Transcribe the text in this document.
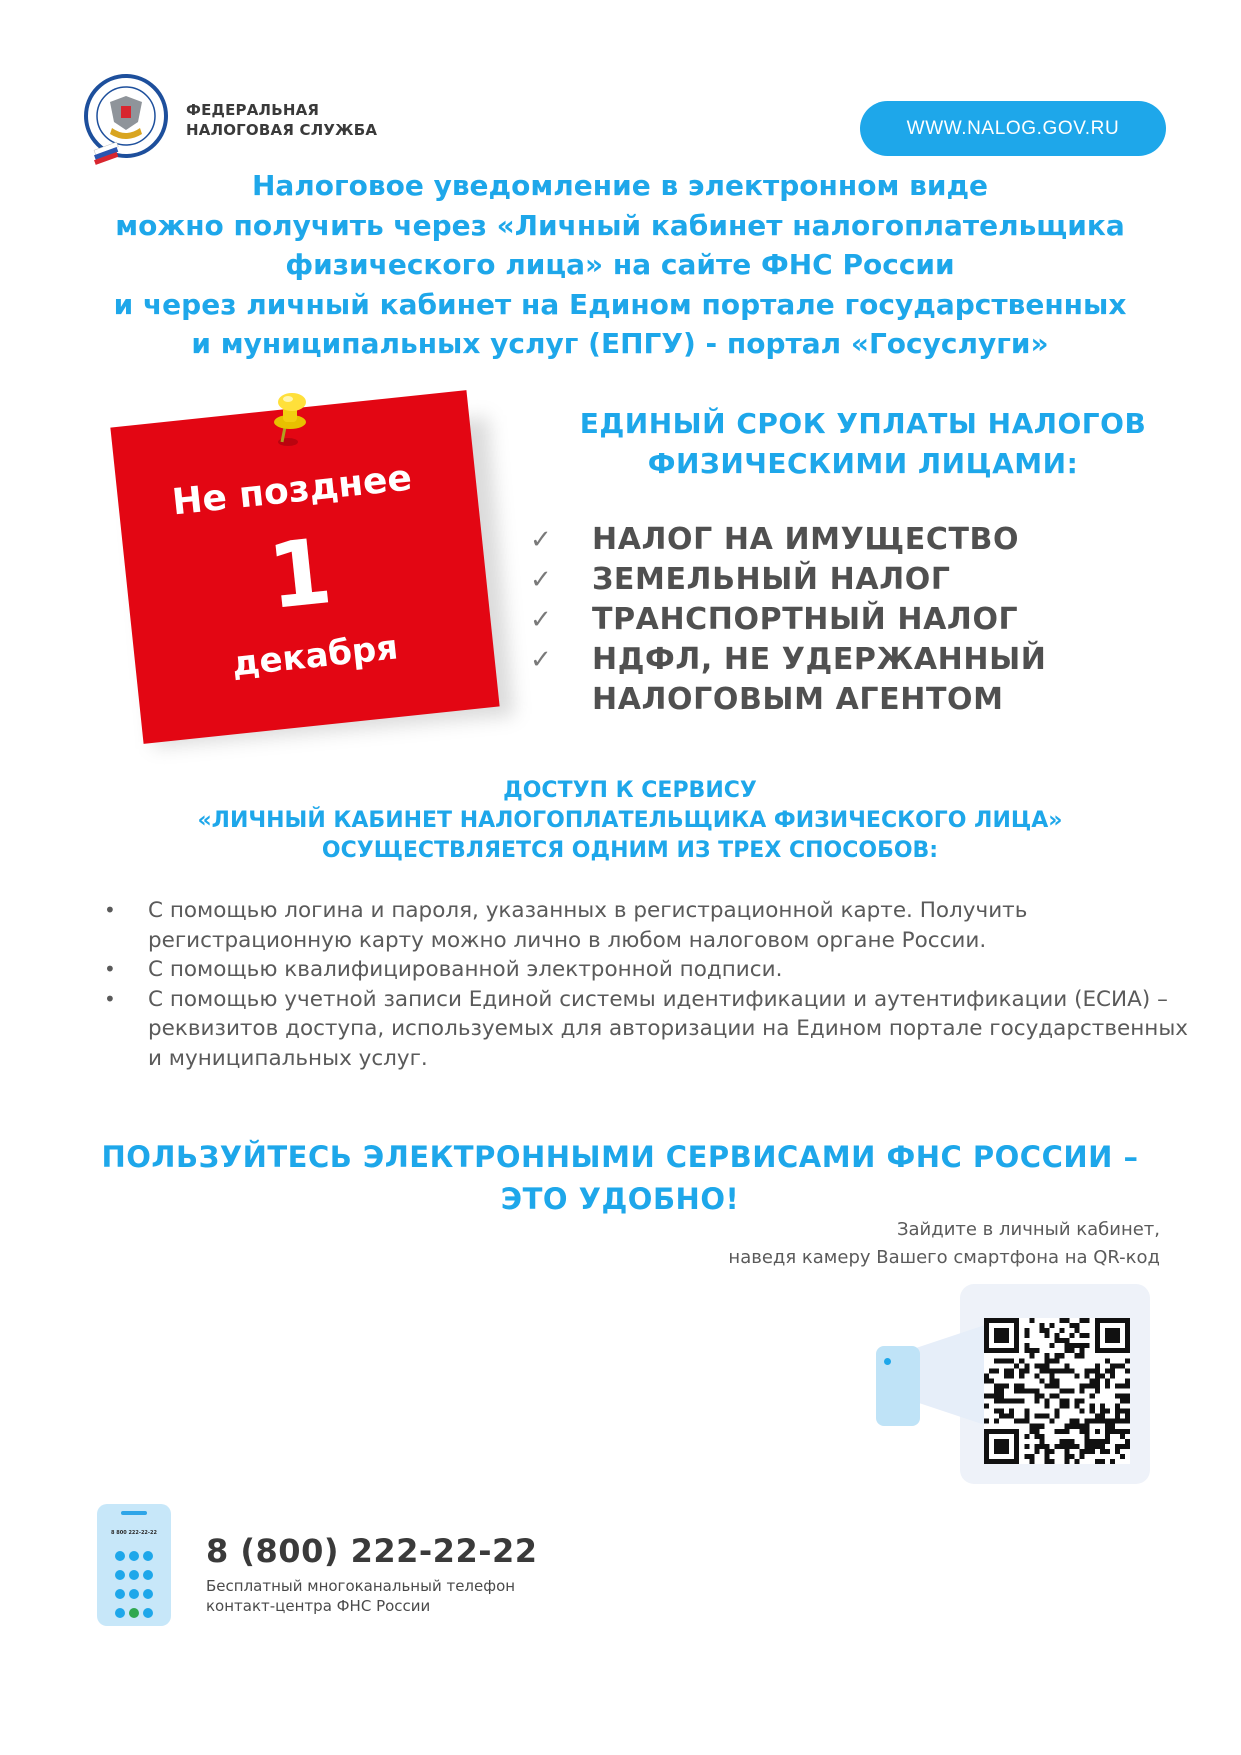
ФЕДЕРАЛЬНАЯ
НАЛОГОВАЯ СЛУЖБА	WWW.NALOG.GOV.RU
Налоговое уведомление в электронном виде
можно получить через «Личный кабинет налогоплательщика
физического лица» на сайте ФНС России
и через личный кабинет на Едином портале государственных
и муниципальных услуг (ЕПГУ) - портал «Госуслуги»
Не позднее
1
декабря
ЕДИНЫЙ СРОК УПЛАТЫ НАЛОГОВ
ФИЗИЧЕСКИМИ ЛИЦАМИ:
✓ НАЛОГ НА ИМУЩЕСТВО
✓ ЗЕМЕЛЬНЫЙ НАЛОГ
✓ ТРАНСПОРТНЫЙ НАЛОГ
✓ НДФЛ, НЕ УДЕРЖАННЫЙ НАЛОГОВЫМ АГЕНТОМ
ДОСТУП К СЕРВИСУ
«ЛИЧНЫЙ КАБИНЕТ НАЛОГОПЛАТЕЛЬЩИКА ФИЗИЧЕСКОГО ЛИЦА»
ОСУЩЕСТВЛЯЕТСЯ ОДНИМ ИЗ ТРЕХ СПОСОБОВ:
• С помощью логина и пароля, указанных в регистрационной карте. Получить регистрационную карту можно лично в любом налоговом органе России.
• С помощью квалифицированной электронной подписи.
• С помощью учетной записи Единой системы идентификации и аутентификации (ЕСИА) – реквизитов доступа, используемых для авторизации на Едином портале государственных и муниципальных услуг.
ПОЛЬЗУЙТЕСЬ ЭЛЕКТРОННЫМИ СЕРВИСАМИ ФНС РОССИИ –
ЭТО УДОБНО!
Зайдите в личный кабинет,
наведя камеру Вашего смартфона на QR-код
8 800 222-22-22
8 (800) 222-22-22
Бесплатный многоканальный телефон
контакт-центра ФНС России
